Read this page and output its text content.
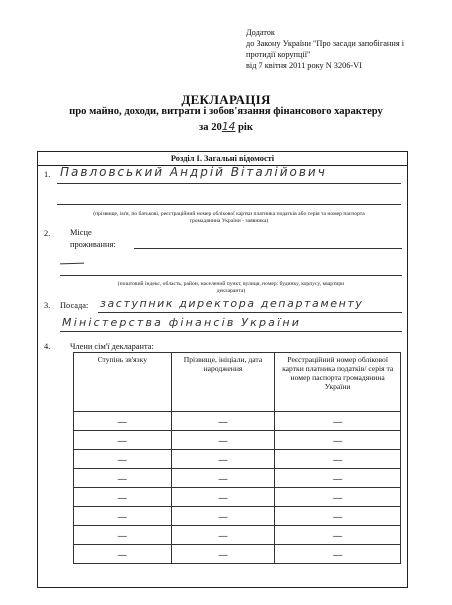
Додаток
до Закону України "Про засади запобігання і
протидії корупції"
від 7 квітня 2011 року N 3206-VI
ДЕКЛАРАЦІЯ
про майно, доходи, витрати і зобов'язання фінансового характеру
за 2014 рік
Розділ І. Загальні відомості
1. Павловський Андрій Віталійович
(прізвище, ім'я, по батькові, реєстраційний номер облікової картки платника податків або серія та номер паспорта
громадянина України - заявника)
2. Місце
проживання:
(поштовий індекс, область, район, населений пункт, вулиця, номер: будинку, корпусу, квартири
декларанта)
3. Посада: заступник директора департаменту
Міністерства фінансів України
4. Члени сім'ї декларанта:
Ступінь зв'язку	Прізвище, ініціали, дата народження	Реєстраційний номер облікової картки платника податків/ серія та номер паспорта громадянина України
—	—	—
—	—	—
—	—	—
—	—	—
—	—	—
—	—	—
—	—	—
—	—	—
